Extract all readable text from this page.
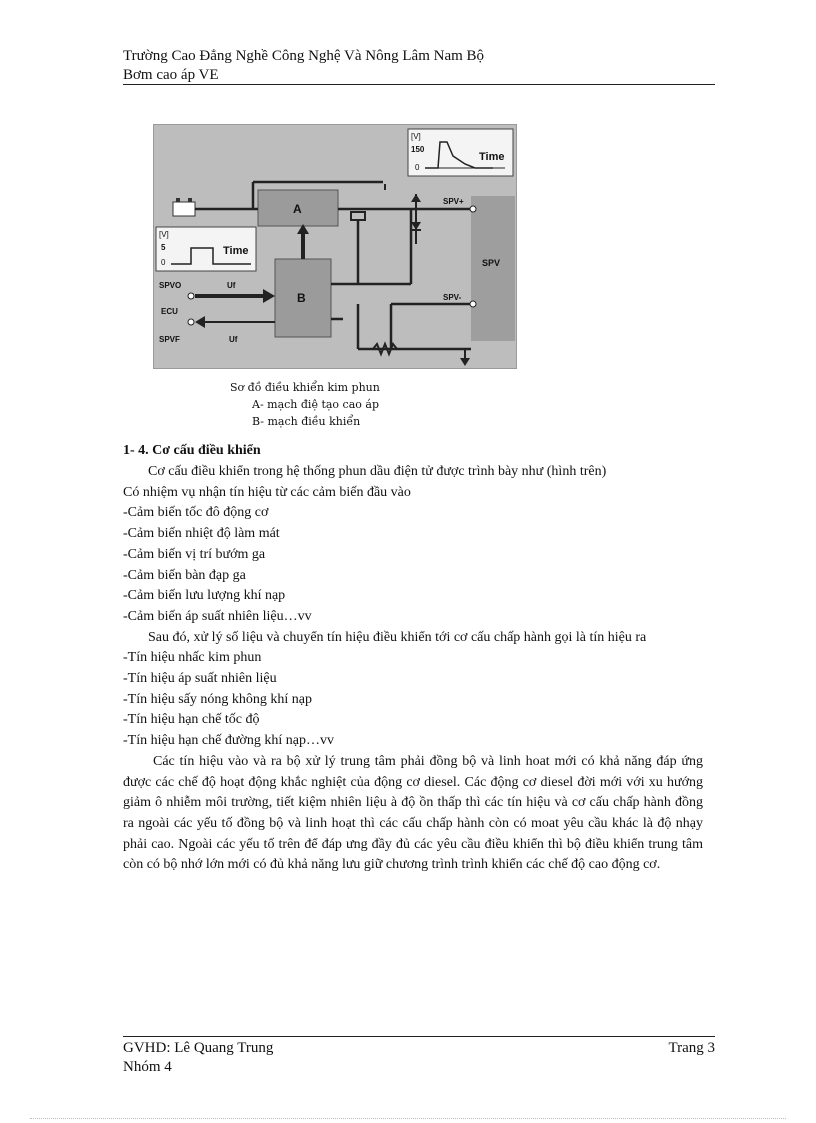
Trường Cao Đẳng Nghề Công Nghệ Và Nông Lâm Nam Bộ
Bơm cao áp VE
SPV
A
B
SPV+
SPV-
SPVO	Uf
ECU
SPVF	Uf
[V]
150
0
Time
[V]
5
0
Time
Sơ đồ điều khiển kim phun
A- mạch điệ tạo cao áp
B- mạch điều khiển
1- 4. Cơ cấu điều khiển

Cơ cấu điều khiển trong hệ thống phun dầu điện tử được trình bày như (hình trên)

Có nhiệm vụ nhận tín hiệu từ các cảm biến đầu vào

-Cảm biến tốc đô động cơ

-Cảm biến nhiệt độ làm mát

-Cảm biến vị trí bướm ga

-Cảm biến bàn đạp ga

-Cảm biến lưu lượng khí nạp

-Cảm biến áp suất nhiên liệu…vv

Sau đó, xử lý số liệu và chuyển tín hiệu điều khiển tới cơ cấu chấp hành gọi là tín hiệu ra

-Tín hiệu nhấc kim phun

-Tín hiệu áp suất nhiên liệu

-Tín hiệu sấy nóng không khí nạp

-Tín hiệu hạn chế tốc độ

-Tín hiệu hạn chế đường khí nạp…vv

Các tín hiệu vào và ra bộ xử lý trung tâm phải đồng bộ và linh hoat mới có khả năng đáp ứng được các chế độ hoạt động khắc nghiệt của động cơ diesel. Các động cơ diesel đời mới với xu hướng giảm ô nhiễm môi trường, tiết kiệm nhiên liệu à độ ồn thấp thì các tín hiệu và cơ cấu chấp hành đồng ra ngoài các yếu tố đồng bộ và linh hoạt thì các cấu chấp hành còn có moat yêu cầu khác là độ nhạy phải cao. Ngoài các yếu tố trên để đáp ưng đầy đủ các yêu cầu điều khiển thì bộ điều khiển trung tâm còn có bộ nhớ lớn mới có đủ khả năng lưu giữ chương trình trình khiển các chế độ cao động cơ.

GVHD: Lê Quang Trung
Nhóm 4
Trang 3
